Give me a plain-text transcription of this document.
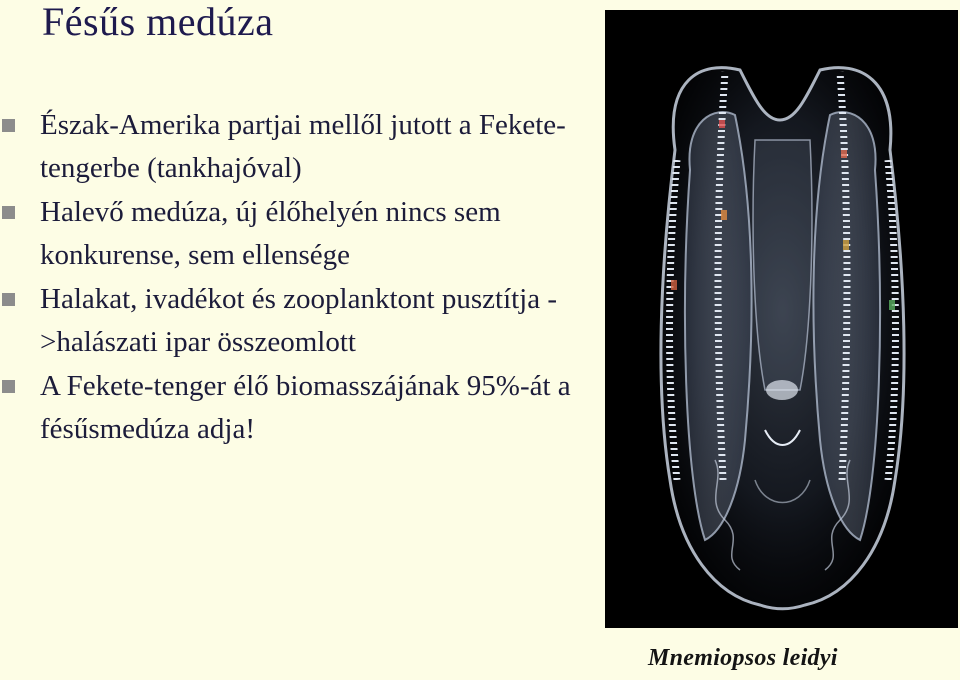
Fésűs medúza
Észak-Amerika partjai mellől jutott a Fekete-tengerbe (tankhajóval)
Halevő medúza, új élőhelyén nincs sem konkurense, sem ellensége
Halakat, ivadékot és zooplanktont pusztítja ->halászati ipar összeomlott
A Fekete-tenger élő biomasszájának 95%-át a fésűsmedúza adja!
Mnemiopsos leidyi
